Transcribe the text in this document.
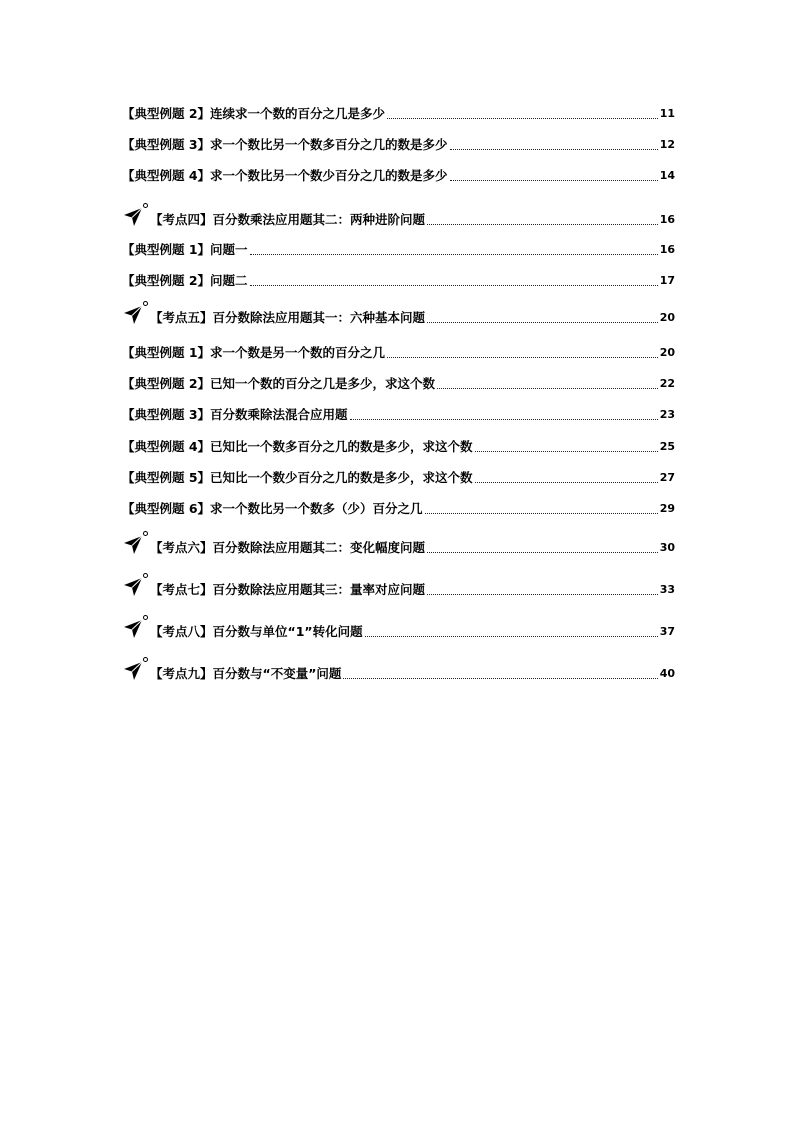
【典型例题 2】连续求一个数的百分之几是多少	11
【典型例题 3】求一个数比另一个数多百分之几的数是多少	12
【典型例题 4】求一个数比另一个数少百分之几的数是多少	14
【考点四】百分数乘法应用题其二：两种进阶问题	16
【典型例题 1】问题一	16
【典型例题 2】问题二	17
【考点五】百分数除法应用题其一：六种基本问题	20
【典型例题 1】求一个数是另一个数的百分之几	20
【典型例题 2】已知一个数的百分之几是多少，求这个数	22
【典型例题 3】百分数乘除法混合应用题	23
【典型例题 4】已知比一个数多百分之几的数是多少，求这个数	25
【典型例题 5】已知比一个数少百分之几的数是多少，求这个数	27
【典型例题 6】求一个数比另一个数多（少）百分之几	29
【考点六】百分数除法应用题其二：变化幅度问题	30
【考点七】百分数除法应用题其三：量率对应问题	33
【考点八】百分数与单位“1”转化问题	37
【考点九】百分数与“不变量”问题	40
